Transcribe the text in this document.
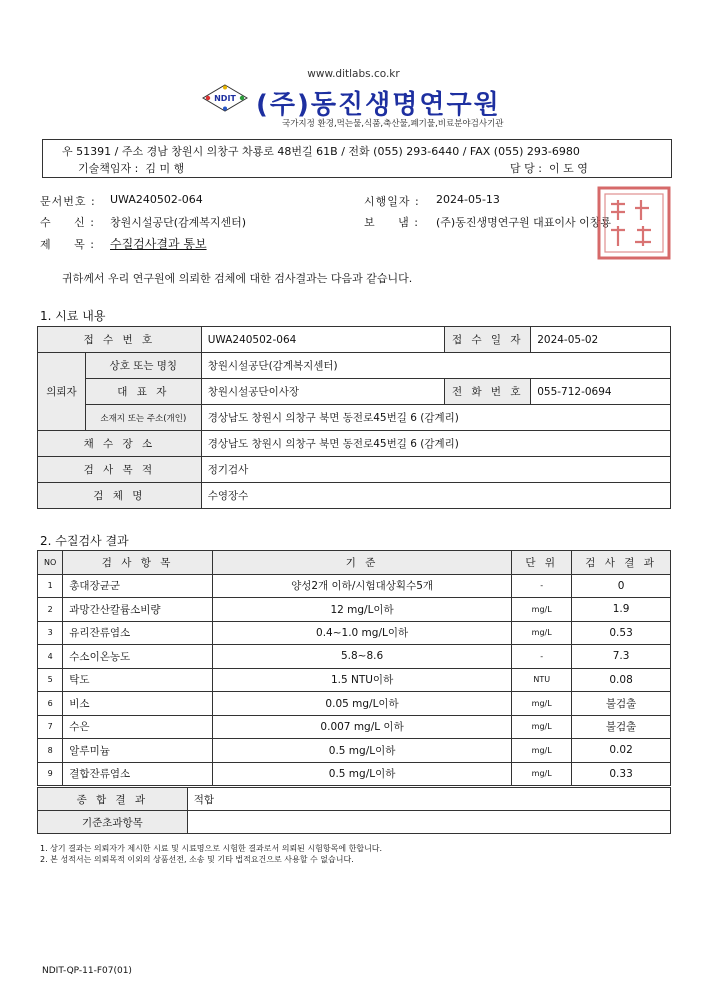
www.ditlabs.co.kr
NDIT (주)동진생명연구원
국가지정 환경,먹는물,식품,축산물,폐기물,비료분야검사기관
우 51391 / 주소 경남 창원시 의창구 차룡로 48번길 61B / 전화 (055) 293-6440 / FAX (055) 293-6980
기술책임자 : 김 미 행	담 당 : 이 도 영
문서번호 : UWA240502-064	시행일자 : 2024-05-13
수     신 : 창원시설공단(감계복지센터)	보     냄 : (주)동진생명연구원 대표이사 이창룡
제     목 : 수질검사결과 통보
귀하께서 우리 연구원에 의뢰한 검체에 대한 검사결과는 다음과 같습니다.
1. 시료 내용
접 수 번 호		UWA240502-064	접 수 일 자	2024-05-02
의뢰자	상호 또는 명칭	창원시설공단(감계복지센터)		
	대 표 자	창원시설공단이사장	전 화 번 호	055-712-0694
	소재지 또는 주소(개인)	경상남도 창원시 의창구 북면 동전로45번길 6 (감계리)		
채 수 장 소		경상남도 창원시 의창구 북면 동전로45번길 6 (감계리)		
검 사 목 적		정기검사		
검 체 명		수영장수		
2. 수질검사 결과
NO	검 사 항 목	기 준	단 위	검 사 결 과
1	총대장균군	양성2개 이하/시험대상획수5개	-	0
2	과망간산칼륨소비량	12 mg/L이하	mg/L	1.9
3	유리잔류염소	0.4~1.0 mg/L이하	mg/L	0.53
4	수소이온농도	5.8~8.6	-	7.3
5	탁도	1.5 NTU이하	NTU	0.08
6	비소	0.05 mg/L이하	mg/L	불검출
7	수은	0.007 mg/L 이하	mg/L	불검출
8	알루미늄	0.5 mg/L이하	mg/L	0.02
9	결합잔류염소	0.5 mg/L이하	mg/L	0.33
종 합 결 과	적합
기준초과항목	
1. 상기 결과는 의뢰자가 제시한 시료 및 시료명으로 시험한 결과로서 의뢰된 시험항목에 한합니다.
2. 본 성적서는 의뢰목적 이외의 상품선전, 소송 및 기타 법적요건으로 사용할 수 없습니다.
NDIT-QP-11-F07(01)
